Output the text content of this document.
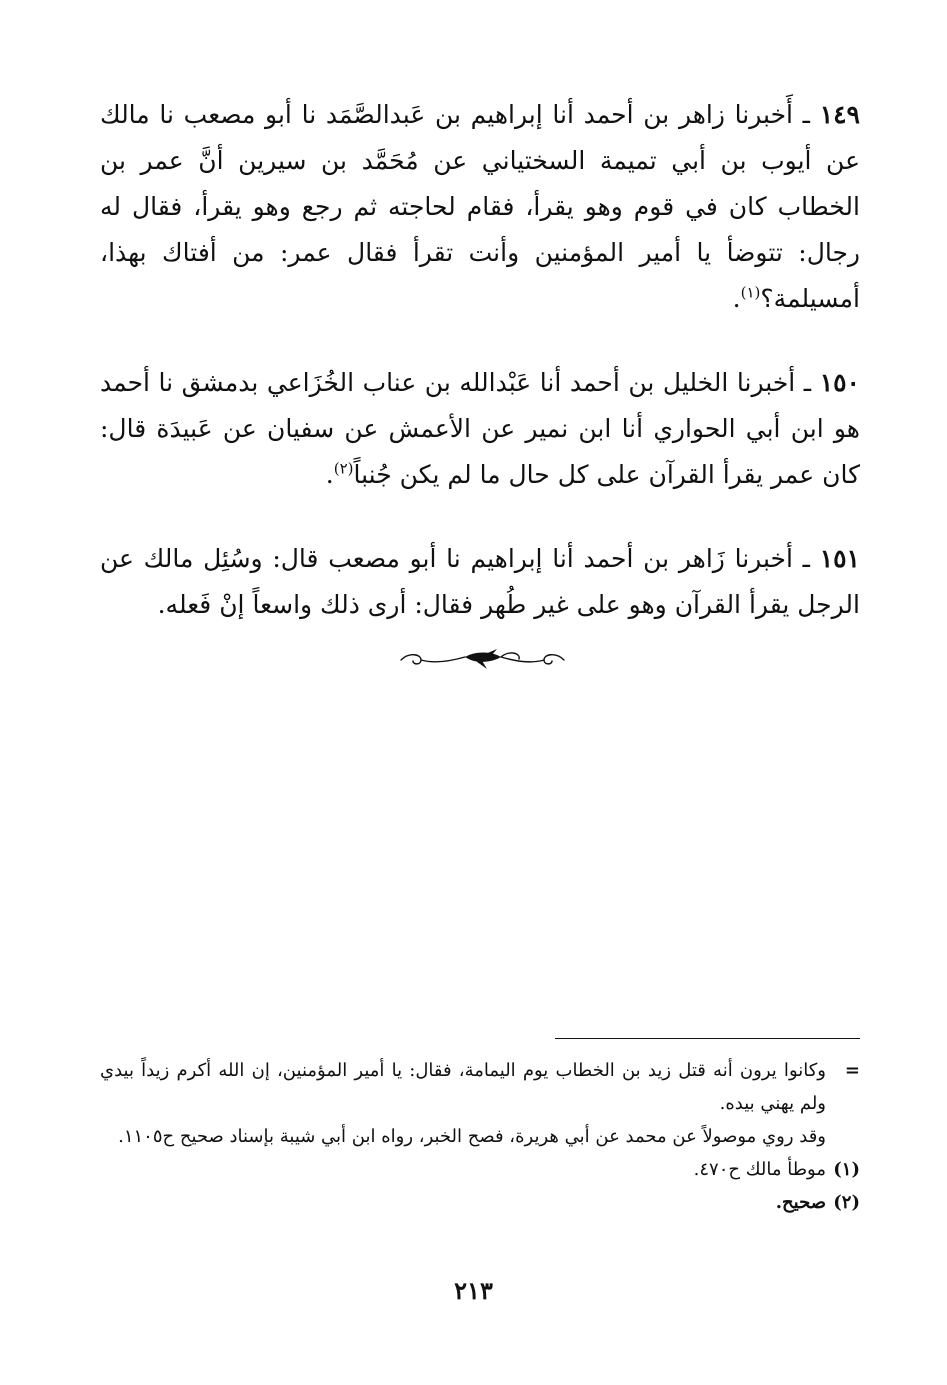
١٤٩ ـ أَخبرنا زاهر بن أحمد أنا إبراهيم بن عَبدالصَّمَد نا أبو مصعب نا مالك عن أيوب بن أبي تميمة السختياني عن مُحَمَّد بن سيرين أنَّ عمر بن الخطاب كان في قوم وهو يقرأ، فقام لحاجته ثم رجع وهو يقرأ، فقال له رجال: تتوضأ يا أمير المؤمنين وأنت تقرأ فقال عمر: من أفتاك بهذا، أمسيلمة؟$^{(١)}$.

١٥٠ ـ أخبرنا الخليل بن أحمد أنا عَبْدالله بن عناب الخُزَاعي بدمشق نا أحمد هو ابن أبي الحواري أنا ابن نمير عن الأعمش عن سفيان عن عَبيدَة قال: كان عمر يقرأ القرآن على كل حال ما لم يكن جُنباً$^{(٢)}$.

١٥١ ـ أخبرنا زَاهر بن أحمد أنا إبراهيم نا أبو مصعب قال: وسُئِل مالك عن الرجل يقرأ القرآن وهو على غير طُهر فقال: أرى ذلك واسعاً إنْ فَعله.

=
وكانوا يرون أنه قتل زيد بن الخطاب يوم اليمامة، فقال: يا أمير المؤمنين، إن الله أكرم زيداً بيدي ولم يهني بيده.
وقد روي موصولاً عن محمد عن أبي هريرة، فصح الخبر، رواه ابن أبي شيبة بإسناد صحيح ح١١٠٥.
(١)
موطأ مالك ح٤٧٠.
(٢)
صحيح.
٢١٣
